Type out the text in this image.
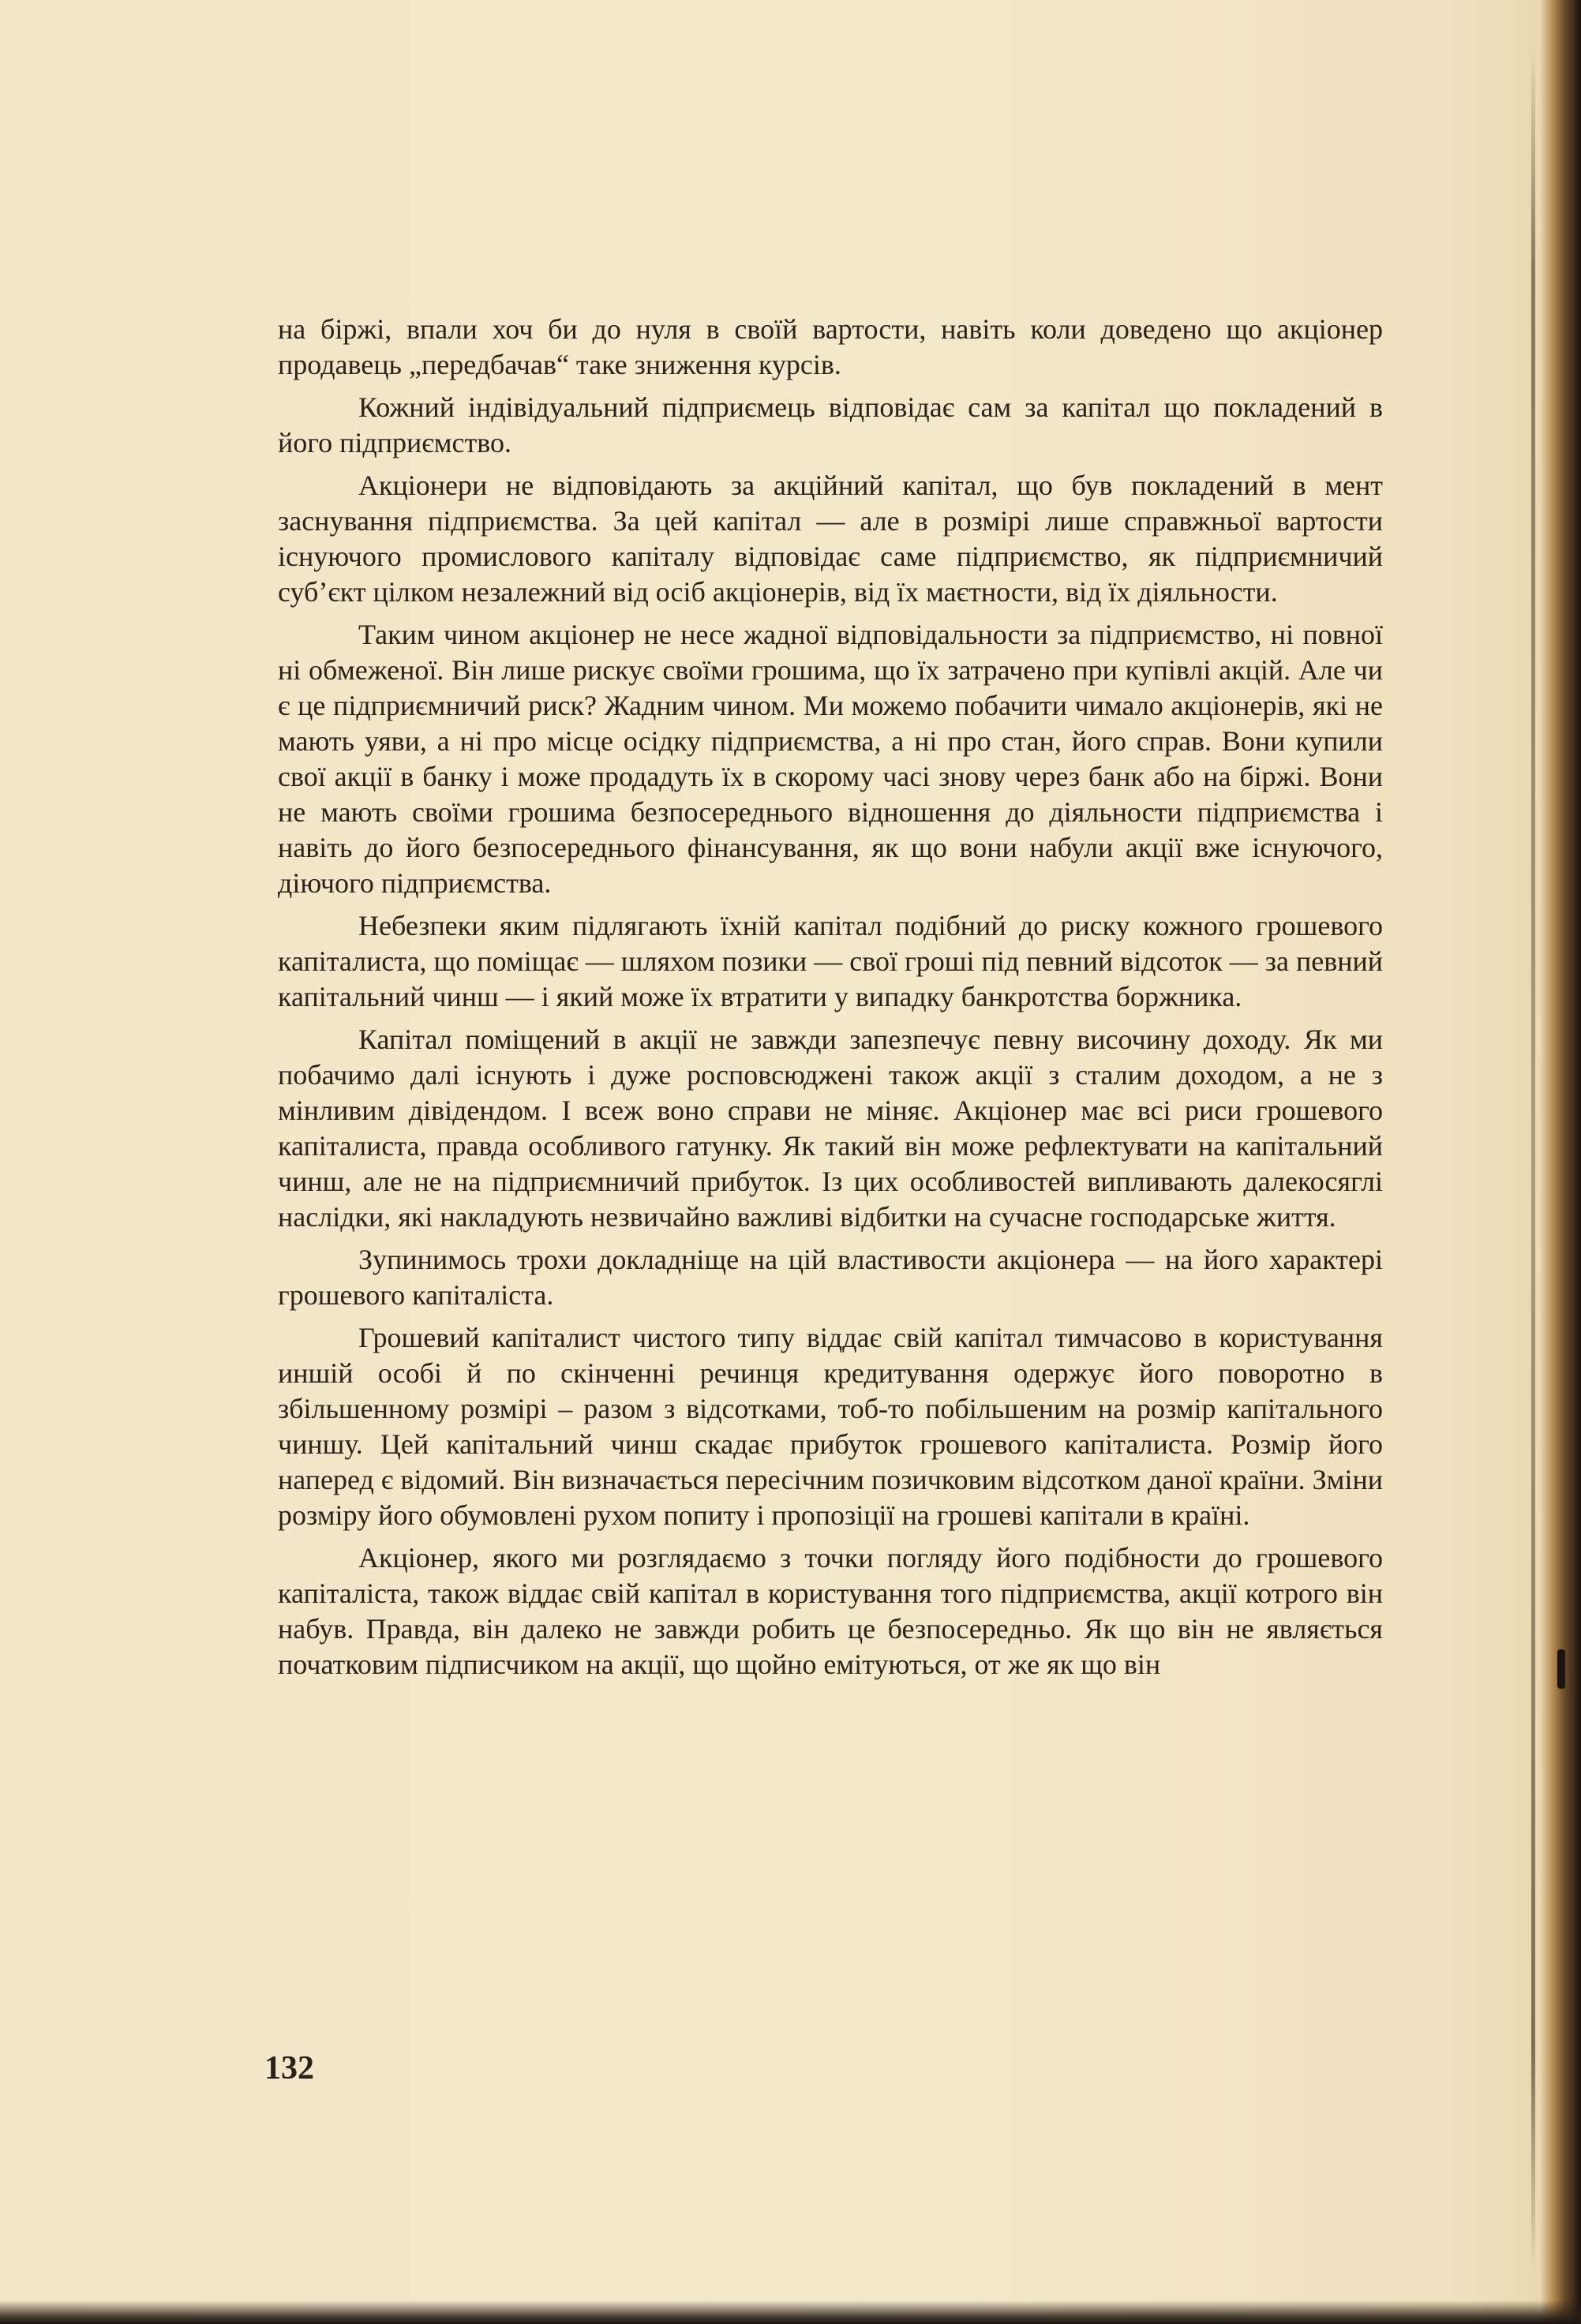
на біржі, впали хоч би до нуля в своїй вартости, навіть коли доведено що акціонер продавець „передбачав“ таке зниження курсів.

Кожний індівідуальний підприємець відповідає сам за капітал що покладений в його підприємство.

Акціонери не відповідають за акційний капітал, що був покладений в мент заснування підприємства. За цей капітал — але в розмірі лише справжньої вартости існуючого промислового капіталу відповідає саме підприємство, як підприємничий суб’єкт цілком незалежний від осіб акціонерів, від їх маєтности, від їх діяльности.

Таким чином акціонер не несе жадної відповідальности за підприємство, ні повної ні обмеженої. Він лише рискує своїми грошима, що їх затрачено при купівлі акцій. Але чи є це підприємничий риск? Жадним чином. Ми можемо побачити чимало акціонерів, які не мають уяви, а ні про місце осідку підприємства, а ні про стан, його справ. Вони купили свої акції в банку і може продадуть їх в скорому часі знову через банк або на біржі. Вони не мають своїми грошима безпосереднього відношення до діяльности підприємства і навіть до його безпосереднього фінансування, як що вони набули акції вже існуючого, діючого підприємства.

Небезпеки яким підлягають їхній капітал подібний до риску кожного грошевого капіталиста, що поміщає — шляхом позики — свої гроші під певний відсоток — за певний капітальний чинш — і який може їх втратити у випадку банкротства боржника.

Капітал поміщений в акції не завжди запезпечує певну височину доходу. Як ми побачимо далі існують і дуже росповсюджені також акції з сталим доходом, а не з мінливим дівідендом. І всеж воно справи не міняє. Акціонер має всі риси грошевого капіталиста, правда особливого гатунку. Як такий він може рефлектувати на капітальний чинш, але не на підприємничий прибуток. Із цих особливостей випливають далекосяглі наслідки, які накладують незвичайно важливі відбитки на сучасне господарське життя.

Зупинимось трохи докладніще на цій властивости акціонера — на його характері грошевого капіталіста.

Грошевий капіталист чистого типу віддає свій капітал тимчасово в користування иншій особі й по скінченні речинця кредитування одержує його поворотно в збільшенному розмірі – разом з відсотками, тоб-то побільшеним на розмір капітального чиншу. Цей капітальний чинш скадає прибуток грошевого капіталиста. Розмір його наперед є відомий. Він визначається пересічним позичковим відсотком даної країни. Зміни розміру його обумовлені рухом попиту і пропозіції на грошеві капітали в країні.

Акціонер, якого ми розглядаємо з точки погляду його подібности до грошевого капіталіста, також віддає свій капітал в користування того підприємства, акції котрого він набув. Правда, він далеко не завжди робить це безпосередньо. Як що він не являється початковим підписчиком на акції, що щойно емітуються, от же як що він

132
